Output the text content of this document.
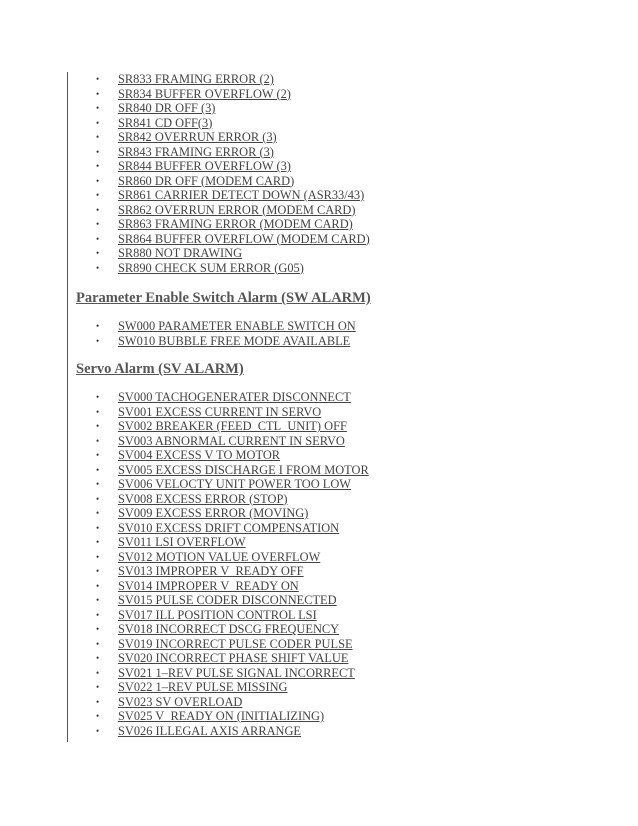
• SR833 FRAMING ERROR (2)
• SR834 BUFFER OVERFLOW (2)
• SR840 DR OFF (3)
• SR841 CD OFF(3)
• SR842 OVERRUN ERROR (3)
• SR843 FRAMING ERROR (3)
• SR844 BUFFER OVERFLOW (3)
• SR860 DR OFF (MODEM CARD)
• SR861 CARRIER DETECT DOWN (ASR33/43)
• SR862 OVERRUN ERROR (MODEM CARD)
• SR863 FRAMING ERROR (MODEM CARD)
• SR864 BUFFER OVERFLOW (MODEM CARD)
• SR880 NOT DRAWING
• SR890 CHECK SUM ERROR (G05)
Parameter Enable Switch Alarm (SW ALARM)
• SW000 PARAMETER ENABLE SWITCH ON
• SW010 BUBBLE FREE MODE AVAILABLE
Servo Alarm (SV ALARM)
• SV000 TACHOGENERATER DISCONNECT
• SV001 EXCESS CURRENT IN SERVO
• SV002 BREAKER (FEED_CTL_UNIT) OFF
• SV003 ABNORMAL CURRENT IN SERVO
• SV004 EXCESS V TO MOTOR
• SV005 EXCESS DISCHARGE I FROM MOTOR
• SV006 VELOCTY UNIT POWER TOO LOW
• SV008 EXCESS ERROR (STOP)
• SV009 EXCESS ERROR (MOVING)
• SV010 EXCESS DRIFT COMPENSATION
• SV011 LSI OVERFLOW
• SV012 MOTION VALUE OVERFLOW
• SV013 IMPROPER V_READY OFF
• SV014 IMPROPER V_READY ON
• SV015 PULSE CODER DISCONNECTED
• SV017 ILL POSITION CONTROL LSI
• SV018 INCORRECT DSCG FREQUENCY
• SV019 INCORRECT PULSE CODER PULSE
• SV020 INCORRECT PHASE SHIFT VALUE
• SV021 1–REV PULSE SIGNAL INCORRECT
• SV022 1–REV PULSE MISSING
• SV023 SV OVERLOAD
• SV025 V_READY ON (INITIALIZING)
• SV026 ILLEGAL AXIS ARRANGE
